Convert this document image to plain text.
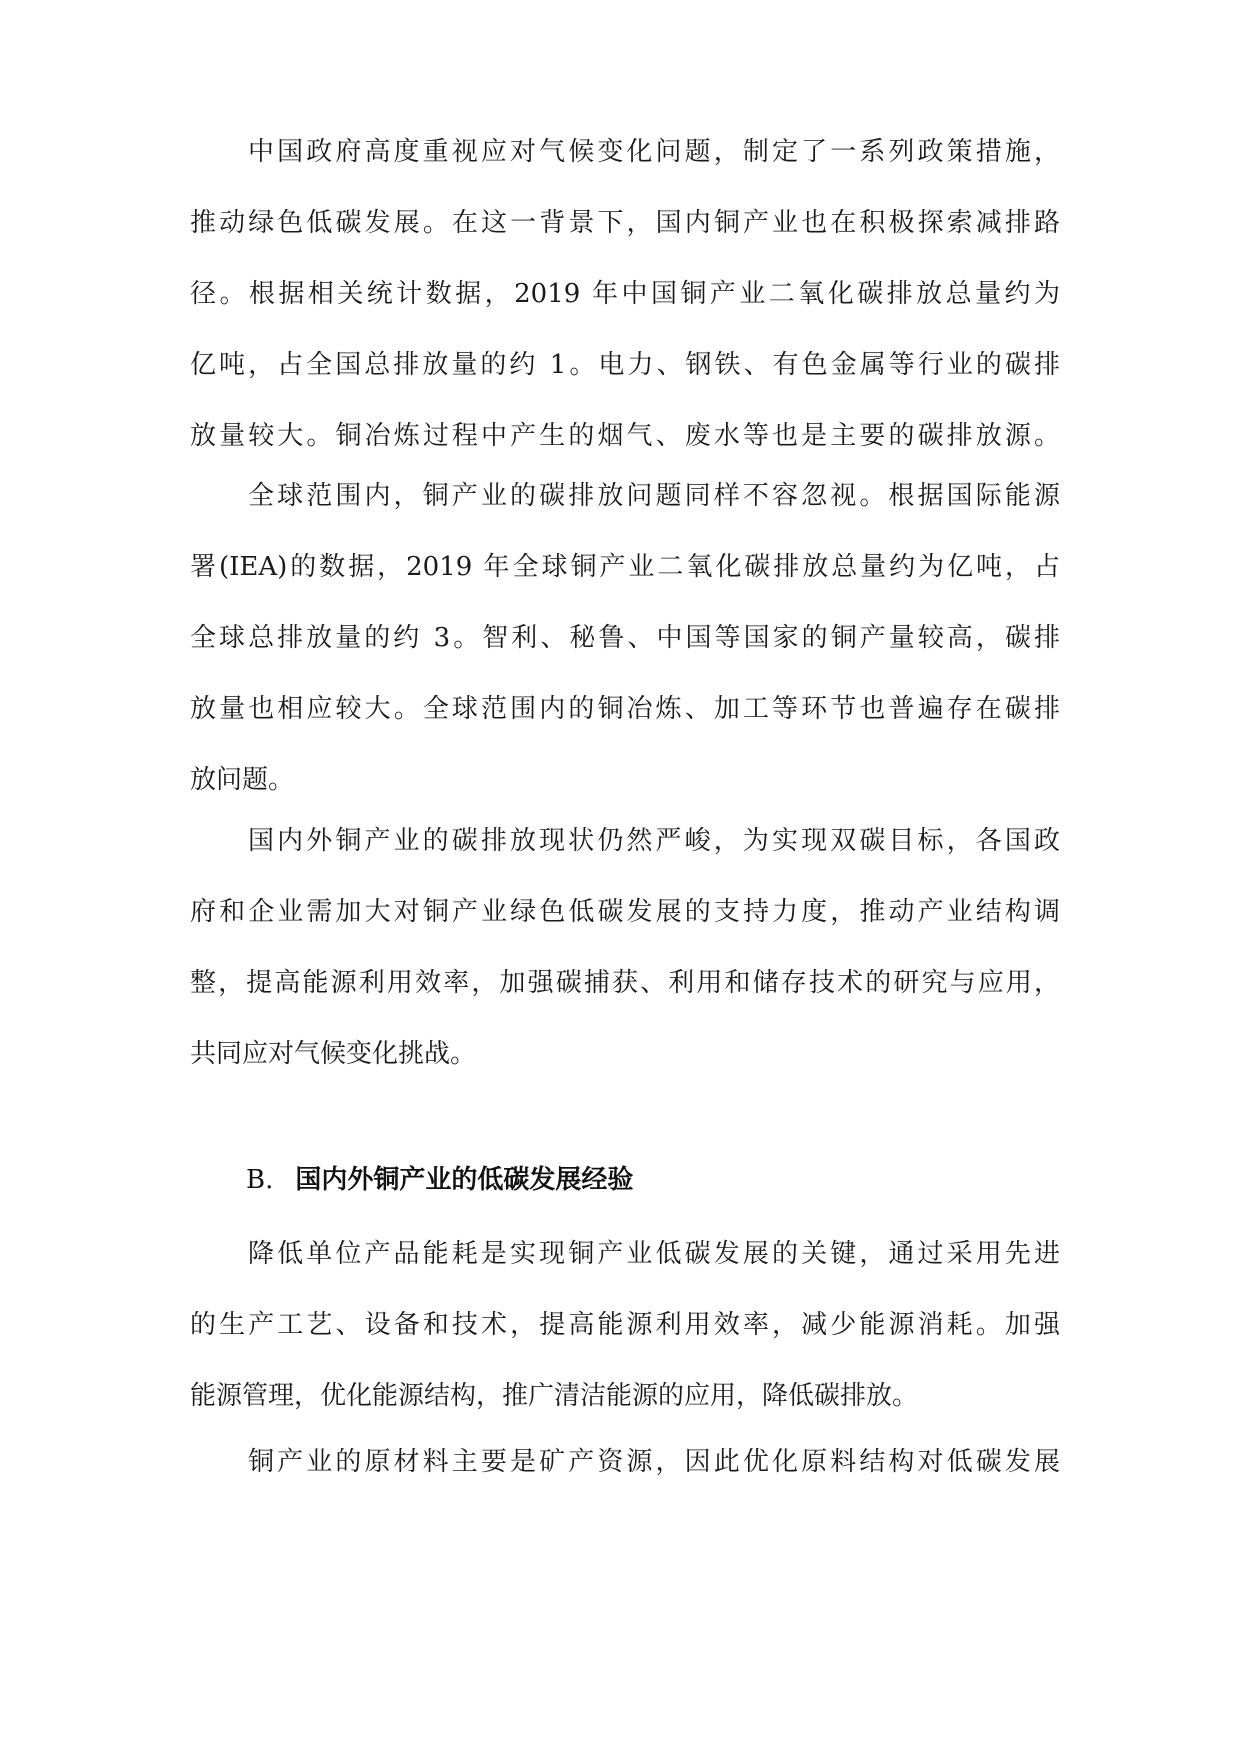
中国政府高度重视应对气候变化问题，制定了一系列政策措施，
推动绿色低碳发展。在这一背景下，国内铜产业也在积极探索减排路
径。根据相关统计数据，2019 年中国铜产业二氧化碳排放总量约为
亿吨，占全国总排放量的约 1。电力、钢铁、有色金属等行业的碳排
放量较大。铜冶炼过程中产生的烟气、废水等也是主要的碳排放源。
全球范围内，铜产业的碳排放问题同样不容忽视。根据国际能源
署(IEA)的数据，2019 年全球铜产业二氧化碳排放总量约为亿吨，占
全球总排放量的约 3。智利、秘鲁、中国等国家的铜产量较高，碳排
放量也相应较大。全球范围内的铜冶炼、加工等环节也普遍存在碳排
放问题。
国内外铜产业的碳排放现状仍然严峻，为实现双碳目标，各国政
府和企业需加大对铜产业绿色低碳发展的支持力度，推动产业结构调
整，提高能源利用效率，加强碳捕获、利用和储存技术的研究与应用，
共同应对气候变化挑战。
B. 国内外铜产业的低碳发展经验
降低单位产品能耗是实现铜产业低碳发展的关键，通过采用先进
的生产工艺、设备和技术，提高能源利用效率，减少能源消耗。加强
能源管理，优化能源结构，推广清洁能源的应用，降低碳排放。
铜产业的原材料主要是矿产资源，因此优化原料结构对低碳发展
